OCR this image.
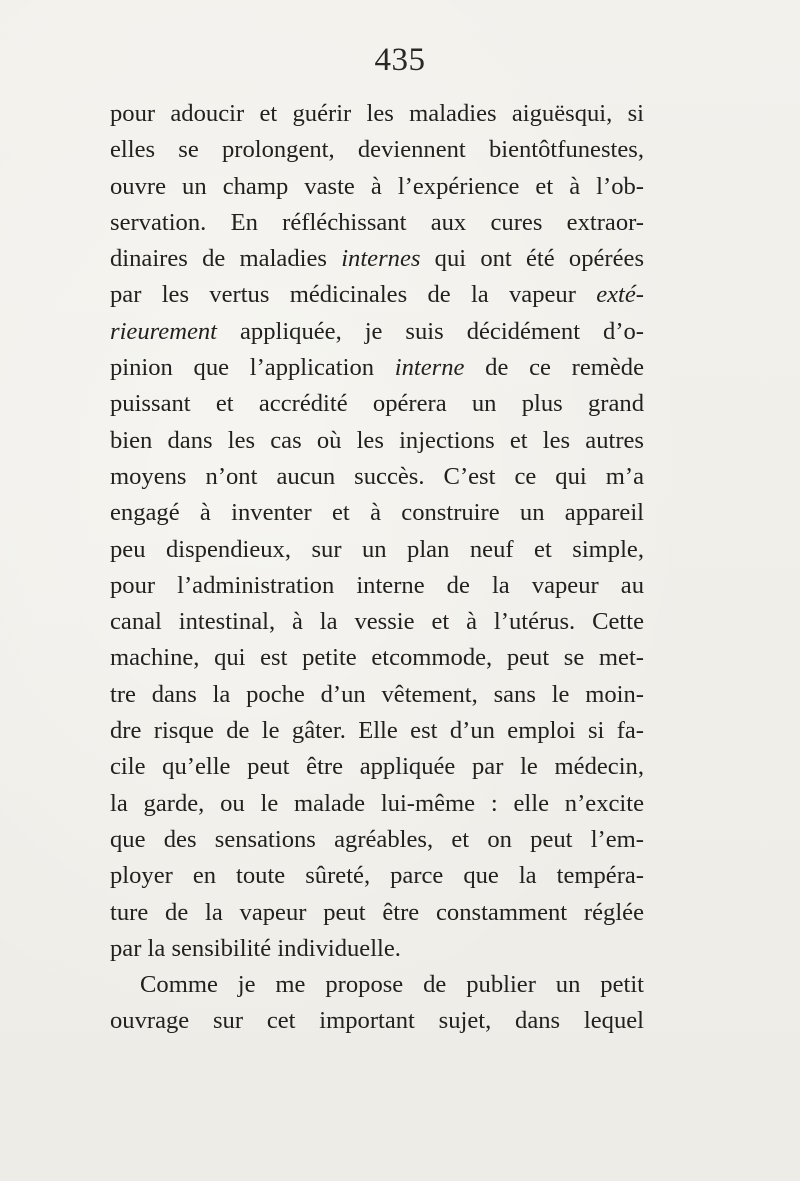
435
pour adoucir et guérir les maladies aiguësqui, si
elles se prolongent, deviennent bientôtfunestes,
ouvre un champ vaste à l’expérience et à l’ob-
servation. En réfléchissant aux cures extraor-
dinaires de maladies internes qui ont été opérées
par les vertus médicinales de la vapeur exté-
rieurement appliquée, je suis décidément d’o-
pinion que l’application interne de ce remède
puissant et accrédité opérera un plus grand
bien dans les cas où les injections et les autres
moyens n’ont aucun succès. C’est ce qui m’a
engagé à inventer et à construire un appareil
peu dispendieux, sur un plan neuf et simple,
pour l’administration interne de la vapeur au
canal intestinal, à la vessie et à l’utérus. Cette
machine, qui est petite etcommode, peut se met-
tre dans la poche d’un vêtement, sans le moin-
dre risque de le gâter. Elle est d’un emploi si fa-
cile qu’elle peut être appliquée par le médecin,
la garde, ou le malade lui-même : elle n’excite
que des sensations agréables, et on peut l’em-
ployer en toute sûreté, parce que la tempéra-
ture de la vapeur peut être constamment réglée
par la sensibilité individuelle.
Comme je me propose de publier un petit
ouvrage sur cet important sujet, dans lequel
